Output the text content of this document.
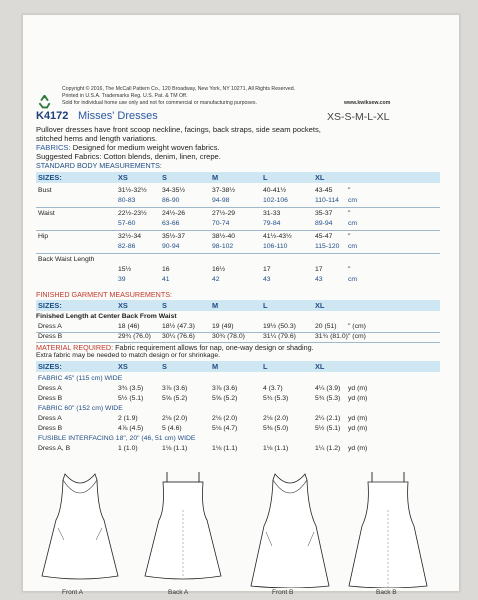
Copyright © 2016, The McCall Pattern Co., 120 Broadway, New York, NY 10271, All Rights Reserved.
Printed in U.S.A. Trademarks Reg. U.S. Pat. & TM Off.
Sold for individual home use only and not for commercial or manufacturing purposes.	www.kwiksew.com
K4172 Misses' Dresses	XS-S-M-L-XL
Pullover dresses have front scoop neckline, facings, back straps, side seam pockets,
stitched hems and length variations.
FABRICS: Designed for medium weight woven fabrics.
Suggested Fabrics: Cotton blends, denim, linen, crepe.
STANDARD BODY MEASUREMENTS:
SIZES:	XS	S	M	L	XL
Bust	31½-32½ 34-35½	37-38½	40-41½	43-45 "
80-83	86-90	94-98	102-106	110-114 cm
Waist	22½-23½ 24½-26	27½-29	31-33	35-37 "
57-60	63-66	70-74	79-84	89-94 cm
Hip	32½-34	35½-37	38½-40	41½-43½	45-47 "
82-86	90-94	98-102	106-110	115-120 cm
Back Waist Length
15½	16	16½	17	17	"
39	41	42	43	43	cm
FINISHED GARMENT MEASUREMENTS:
SIZES:	XS	S	M	L	XL
Finished Length at Center Back From Waist
Dress A	18 (46)	18½ (47.3)	19 (49)	19½ (50.3)	20 (51) " (cm)
Dress B	29¾ (76.0) 30¼ (76.6)	30¾ (78.0)	31¼ (79.6)	31¾ (81.0) " (cm)
MATERIAL REQUIRED: Fabric requirement allows for nap, one-way design or shading.
Extra fabric may be needed to match design or for shrinkage.
SIZES:	XS	S	M	L	XL
FABRIC 45" (115 cm) WIDE
Dress A	3¾ (3.5)	3⅞ (3.6)	3⅞ (3.6)	4 (3.7)	4¼ (3.9) yd (m)
Dress B	5½ (5.1)	5⅝ (5.2)	5⅝ (5.2)	5¾ (5.3)	5¾ (5.3) yd (m)
FABRIC 60" (152 cm) WIDE
Dress A	2 (1.9)	2⅛ (2.0)	2⅛ (2.0)	2⅛ (2.0)	2¼ (2.1) yd (m)
Dress B	4⅞ (4.5)	5 (4.6)	5⅛ (4.7)	5⅜ (5.0)	5½ (5.1) yd (m)
FUSIBLE INTERFACING 18", 20" (46, 51 cm) WIDE
Dress A, B	1 (1.0)	1⅛ (1.1)	1⅛ (1.1)	1⅛ (1.1)	1¼ (1.2) yd (m)
Front A	Back A	Front B	Back B
